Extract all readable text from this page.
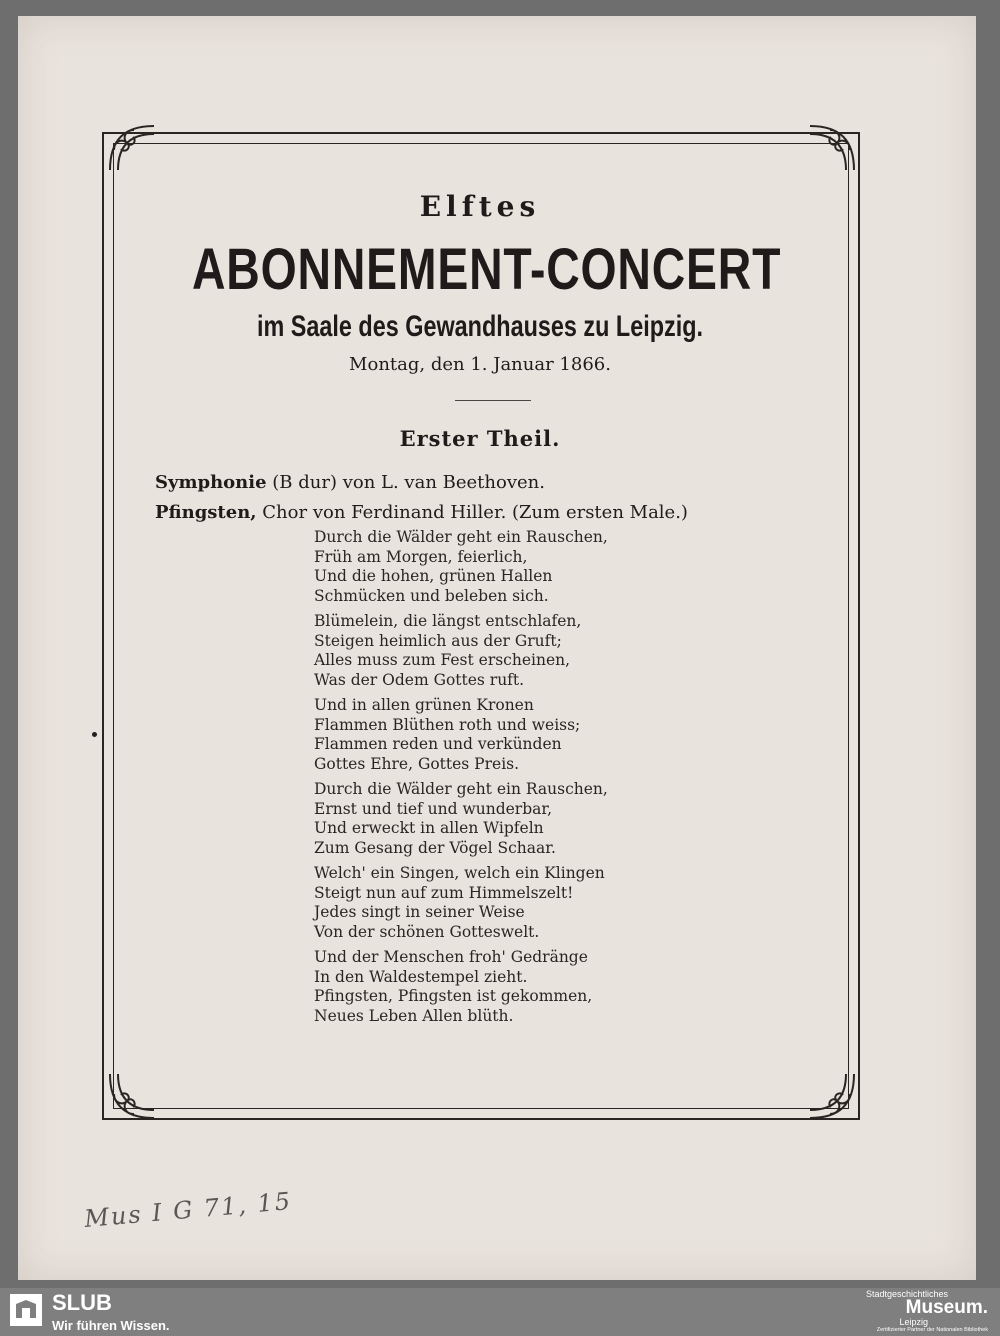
Elftes
ABONNEMENT-CONCERT
im Saale des Gewandhauses zu Leipzig.
Montag, den 1. Januar 1866.
Erster Theil.
Symphonie (B dur) von L. van Beethoven.
Pfingsten, Chor von Ferdinand Hiller. (Zum ersten Male.)
Durch die Wälder geht ein Rauschen,
Früh am Morgen, feierlich,
Und die hohen, grünen Hallen
Schmücken und beleben sich.
Blümelein, die längst entschlafen,
Steigen heimlich aus der Gruft;
Alles muss zum Fest erscheinen,
Was der Odem Gottes ruft.
Und in allen grünen Kronen
Flammen Blüthen roth und weiss;
Flammen reden und verkünden
Gottes Ehre, Gottes Preis.
Durch die Wälder geht ein Rauschen,
Ernst und tief und wunderbar,
Und erweckt in allen Wipfeln
Zum Gesang der Vögel Schaar.
Welch' ein Singen, welch ein Klingen
Steigt nun auf zum Himmelszelt!
Jedes singt in seiner Weise
Von der schönen Gotteswelt.
Und der Menschen froh' Gedränge
In den Waldestempel zieht.
Pfingsten, Pfingsten ist gekommen,
Neues Leben Allen blüth.
Mus I G 71, 15
SLUB
Wir führen Wissen.
Stadtgeschichtliches
Museum.
Leipzig
Zertifizierter Partner der Nationalen Bibliothek
